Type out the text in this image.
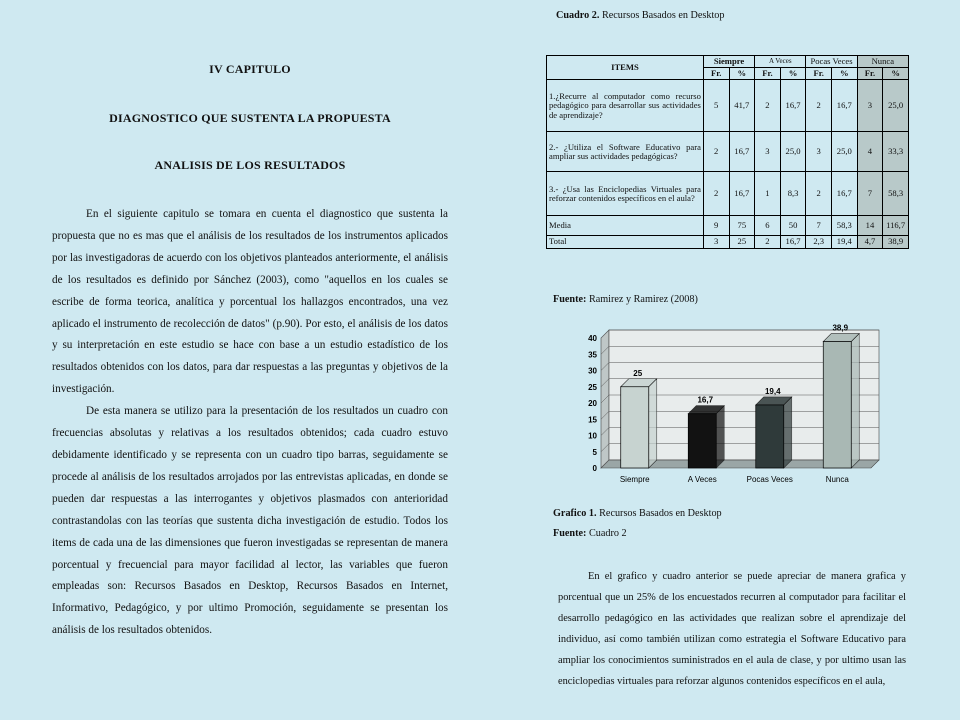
IV CAPITULO
DIAGNOSTICO QUE SUSTENTA LA PROPUESTA
ANALISIS DE LOS RESULTADOS

En el siguiente capitulo se tomara en cuenta el diagnostico que sustenta la propuesta que no es mas que el análisis de los resultados de los instrumentos aplicados por las investigadoras de acuerdo con los objetivos planteados anteriormente, el análisis de los resultados es definido por Sánchez (2003), como "aquellos en los cuales se escribe de forma teorica, analítica y porcentual los hallazgos encontrados, una vez aplicado el instrumento de recolección de datos" (p.90). Por esto, el análisis de los datos y su interpretación en este estudio se hace con base a un estudio estadístico de los resultados obtenidos con los datos, para dar respuestas a las preguntas y objetivos de la investigación.

De esta manera se utilizo para la presentación de los resultados un cuadro con frecuencias absolutas y relativas a los resultados obtenidos; cada cuadro estuvo debidamente identificado y se representa con un cuadro tipo barras, seguidamente se procede al análisis de los resultados arrojados por las entrevistas aplicadas, en donde se pueden dar respuestas a las interrogantes y objetivos plasmados con anterioridad contrastandolas con las teorías que sustenta dicha investigación de estudio. Todos los items de cada una de las dimensiones que fueron investigadas se representan de manera porcentual y frecuencial para mayor facilidad al lector, las variables que fueron empleadas son: Recursos Basados en Desktop, Recursos Basados en Internet, Informativo, Pedagógico, y por ultimo Promoción, seguidamente se presentan los análisis de los resultados obtenidos.

Cuadro 2. Recursos Basados en Desktop
ITEMS	Siempre		A Veces		Pocas Veces		Nunca	
	Fr.	%	Fr.	%	Fr.	%	Fr.	%
1.¿Recurre al computador como recurso pedagógico para desarrollar sus actividades de aprendizaje?	5	41,7	2	16,7	2	16,7	3	25,0
2.- ¿Utiliza el Software Educativo para ampliar sus actividades pedagógicas?	2	16,7	3	25,0	3	25,0	4	33,3
3.- ¿Usa las Enciclopedias Virtuales para reforzar contenidos específicos en el aula?	2	16,7	1	8,3	2	16,7	7	58,3
Media	9	75	6	50	7	58,3	14	116,7
Total	3	25	2	16,7	2,3	19,4	4,7	38,9
Fuente: Ramirez y Ramirez (2008)
0
5
10
15
20
25
30
35
40
25
Siempre
16,7
A Veces
19,4
Pocas Veces
38,9
Nunca
Grafico 1. Recursos Basados en Desktop
Fuente: Cuadro 2

En el grafico y cuadro anterior se puede apreciar de manera grafica y porcentual que un 25% de los encuestados recurren al computador para facilitar el desarrollo pedagógico en las actividades que realizan sobre el aprendizaje del individuo, así como también utilizan como estrategia el Software Educativo para ampliar los conocimientos suministrados en el aula de clase, y por ultimo usan las enciclopedias virtuales para reforzar algunos contenidos específicos en el aula,
